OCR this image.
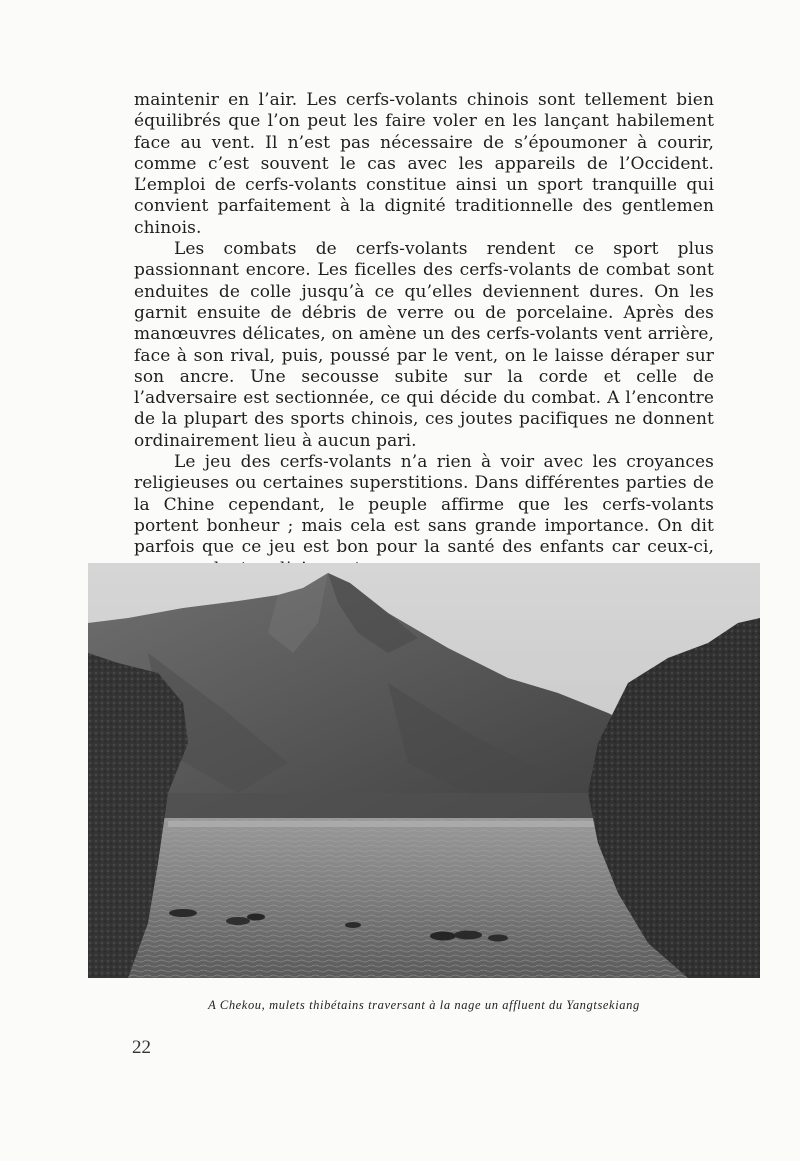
maintenir en l’air. Les cerfs-volants chinois sont tellement bien équilibrés que l’on peut les faire voler en les lançant habilement face au vent. Il n’est pas nécessaire de s’époumoner à courir, comme c’est souvent le cas avec les appareils de l’Occident. L’emploi de cerfs-volants constitue ainsi un sport tranquille qui convient parfaitement à la dignité traditionnelle des gentlemen chinois.

Les combats de cerfs-volants rendent ce sport plus passionnant encore. Les ficelles des cerfs-volants de combat sont enduites de colle jusqu’à ce qu’elles deviennent dures. On les garnit ensuite de débris de verre ou de porcelaine. Après des manœuvres délicates, on amène un des cerfs-volants vent arrière, face à son rival, puis, poussé par le vent, on le laisse déraper sur son ancre. Une secousse subite sur la corde et celle de l’adversaire est sectionnée, ce qui décide du combat. A l’encontre de la plupart des sports chinois, ces joutes pacifiques ne donnent ordinairement lieu à aucun pari.

Le jeu des cerfs-volants n’a rien à voir avec les croyances religieuses ou certaines superstitions. Dans différentes parties de la Chine cependant, le peuple affirme que les cerfs-volants portent bonheur ; mais cela est sans grande importance. On dit parfois que ce jeu est bon pour la santé des enfants car ceux-ci,

A Chekou, mulets thibétains traversant à la nage un affluent du Yangtsekiang
22
